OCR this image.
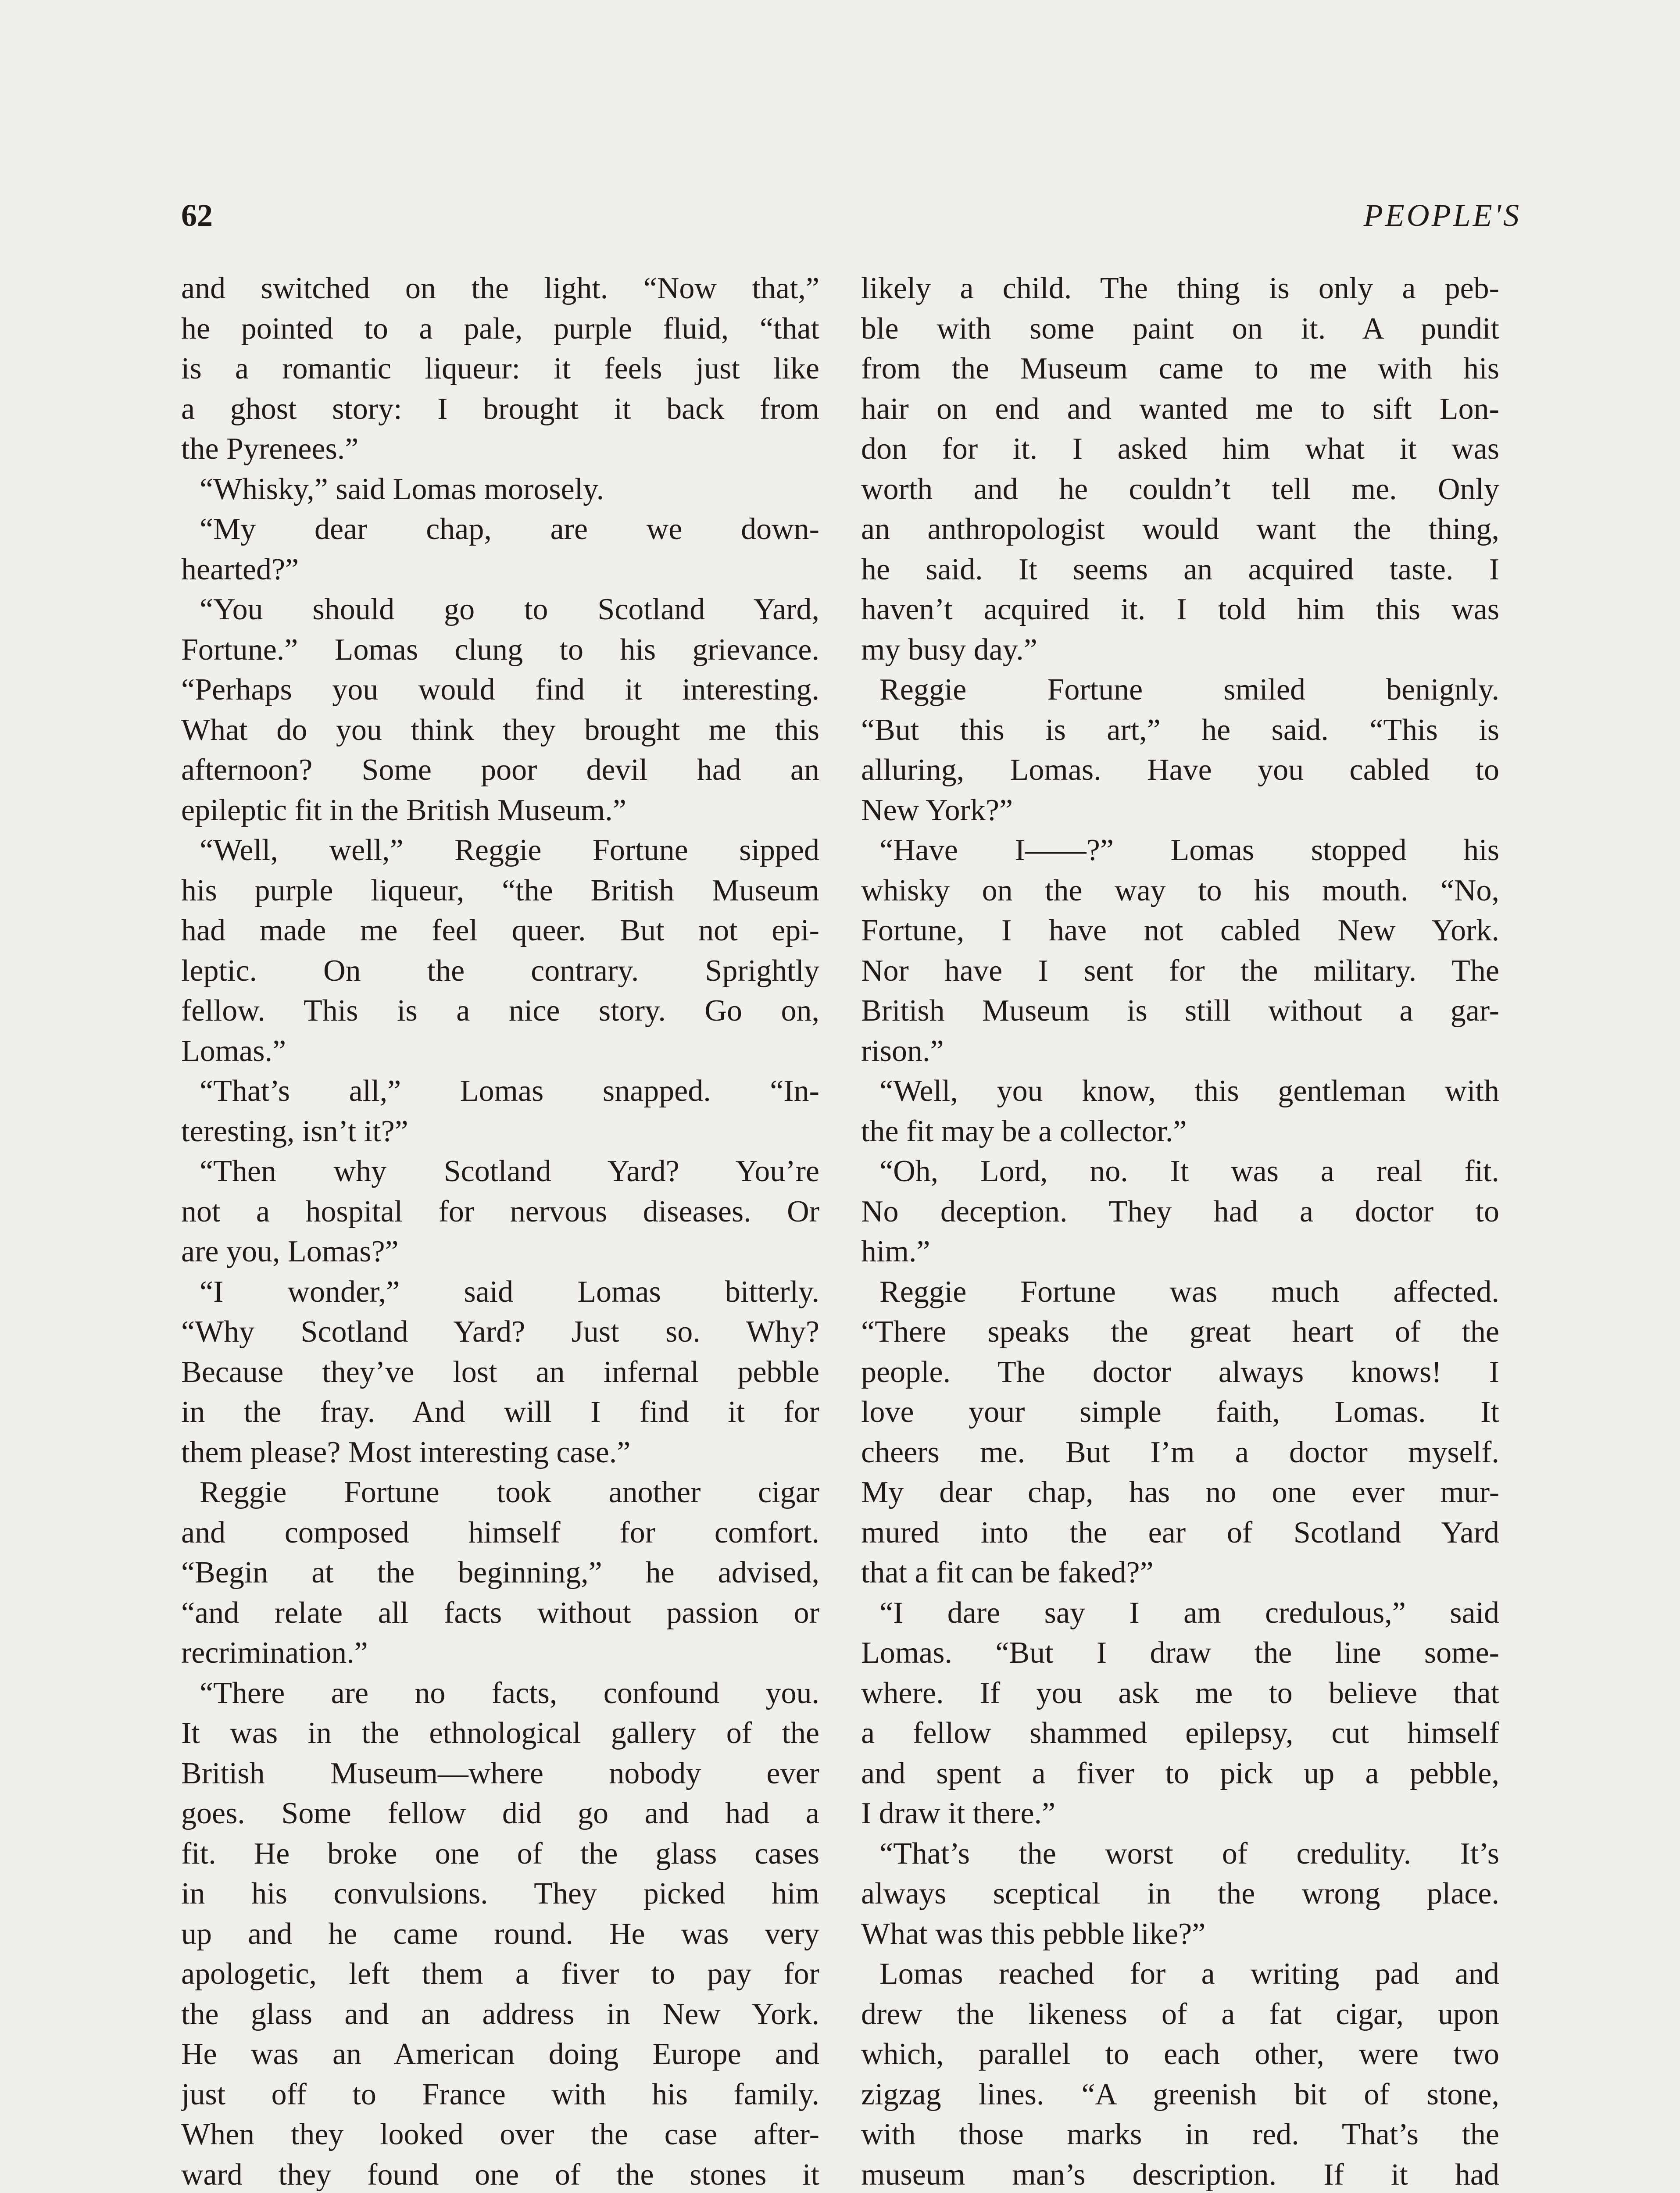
62	PEOPLE'S
and switched on the light. “Now that,”
he pointed to a pale, purple fluid, “that
is a romantic liqueur: it feels just like
a ghost story: I brought it back from
the Pyrenees.”
“Whisky,” said Lomas morosely.
“My dear chap, are we down-
hearted?”
“You should go to Scotland Yard,
Fortune.” Lomas clung to his grievance.
“Perhaps you would find it interesting.
What do you think they brought me this
afternoon? Some poor devil had an
epileptic fit in the British Museum.”
“Well, well,” Reggie Fortune sipped
his purple liqueur, “the British Museum
had made me feel queer. But not epi-
leptic. On the contrary. Sprightly
fellow. This is a nice story. Go on,
Lomas.”
“That’s all,” Lomas snapped. “In-
teresting, isn’t it?”
“Then why Scotland Yard? You’re
not a hospital for nervous diseases. Or
are you, Lomas?”
“I wonder,” said Lomas bitterly.
“Why Scotland Yard? Just so. Why?
Because they’ve lost an infernal pebble
in the fray. And will I find it for
them please? Most interesting case.”
Reggie Fortune took another cigar
and composed himself for comfort.
“Begin at the beginning,” he advised,
“and relate all facts without passion or
recrimination.”
“There are no facts, confound you.
It was in the ethnological gallery of the
British Museum—where nobody ever
goes. Some fellow did go and had a
fit. He broke one of the glass cases
in his convulsions. They picked him
up and he came round. He was very
apologetic, left them a fiver to pay for
the glass and an address in New York.
He was an American doing Europe and
just off to France with his family.
When they looked over the case after-
ward they found one of the stones it
likely a child. The thing is only a peb-
ble with some paint on it. A pundit
from the Museum came to me with his
hair on end and wanted me to sift Lon-
don for it. I asked him what it was
worth and he couldn’t tell me. Only
an anthropologist would want the thing,
he said. It seems an acquired taste. I
haven’t acquired it. I told him this was
my busy day.”
Reggie Fortune smiled benignly.
“But this is art,” he said. “This is
alluring, Lomas. Have you cabled to
New York?”
“Have I——?” Lomas stopped his
whisky on the way to his mouth. “No,
Fortune, I have not cabled New York.
Nor have I sent for the military. The
British Museum is still without a gar-
rison.”
“Well, you know, this gentleman with
the fit may be a collector.”
“Oh, Lord, no. It was a real fit.
No deception. They had a doctor to
him.”
Reggie Fortune was much affected.
“There speaks the great heart of the
people. The doctor always knows! I
love your simple faith, Lomas. It
cheers me. But I’m a doctor myself.
My dear chap, has no one ever mur-
mured into the ear of Scotland Yard
that a fit can be faked?”
“I dare say I am credulous,” said
Lomas. “But I draw the line some-
where. If you ask me to believe that
a fellow shammed epilepsy, cut himself
and spent a fiver to pick up a pebble,
I draw it there.”
“That’s the worst of credulity. It’s
always sceptical in the wrong place.
What was this pebble like?”
Lomas reached for a writing pad and
drew the likeness of a fat cigar, upon
which, parallel to each other, were two
zigzag lines. “A greenish bit of stone,
with those marks in red. That’s the
museum man’s description. If it had
